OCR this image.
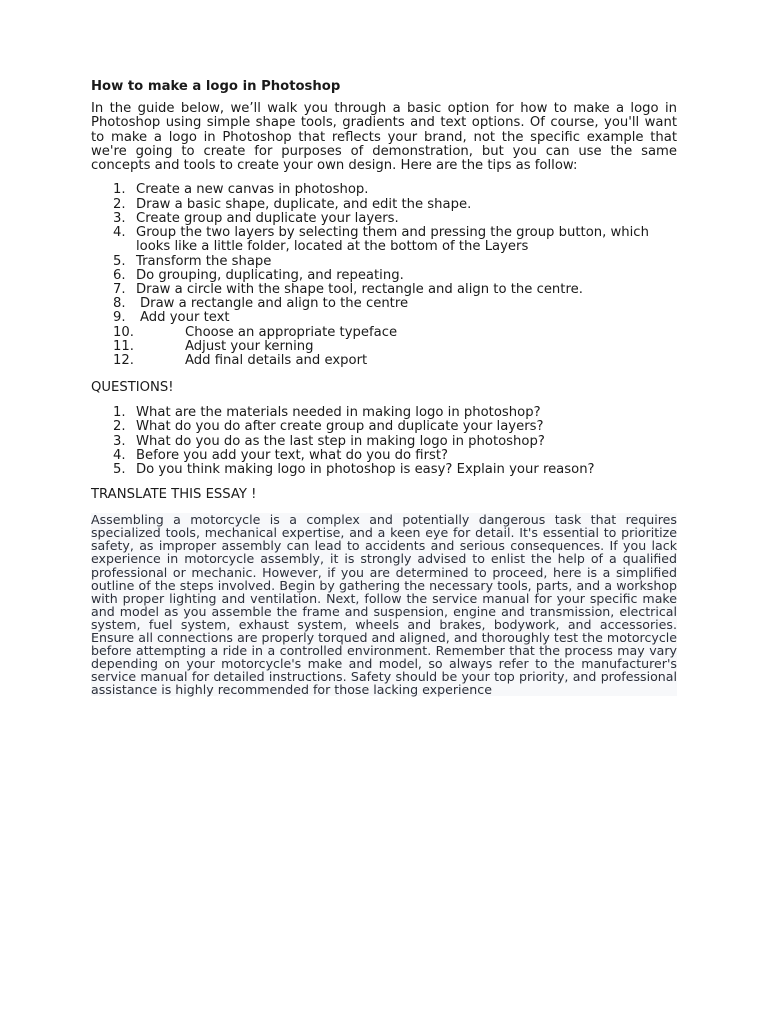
How to make a logo in Photoshop

In the guide below, we’ll walk you through a basic option for how to make a logo in Photoshop using simple shape tools, gradients and text options. Of course, you'll want to make a logo in Photoshop that reflects your brand, not the specific example that we're going to create for purposes of demonstration, but you can use the same concepts and tools to create your own design. Here are the tips as follow:

1. Create a new canvas in photoshop.
2. Draw a basic shape, duplicate, and edit the shape.
3. Create group and duplicate your layers.
4. Group the two layers by selecting them and pressing the group button, which looks like a little folder, located at the bottom of the Layers
5. Transform the shape
6. Do grouping, duplicating, and repeating.
7. Draw a circle with the shape tool, rectangle and align to the centre.
8. Draw a rectangle and align to the centre
9. Add your text
10.	Choose an appropriate typeface
11.	Adjust your kerning
12.	Add final details and export
QUESTIONS!
1. What are the materials needed in making logo in photoshop?
2. What do you do after create group and duplicate your layers?
3. What do you do as the last step in making logo in photoshop?
4. Before you add your text, what do you do first?
5. Do you think making logo in photoshop is easy? Explain your reason?
TRANSLATE THIS ESSAY !

Assembling a motorcycle is a complex and potentially dangerous task that requires specialized tools, mechanical expertise, and a keen eye for detail. It's essential to prioritize safety, as improper assembly can lead to accidents and serious consequences. If you lack experience in motorcycle assembly, it is strongly advised to enlist the help of a qualified professional or mechanic. However, if you are determined to proceed, here is a simplified outline of the steps involved. Begin by gathering the necessary tools, parts, and a workshop with proper lighting and ventilation. Next, follow the service manual for your specific make and model as you assemble the frame and suspension, engine and transmission, electrical system, fuel system, exhaust system, wheels and brakes, bodywork, and accessories. Ensure all connections are properly torqued and aligned, and thoroughly test the motorcycle before attempting a ride in a controlled environment. Remember that the process may vary depending on your motorcycle's make and model, so always refer to the manufacturer's service manual for detailed instructions. Safety should be your top priority, and professional assistance is highly recommended for those lacking experience
